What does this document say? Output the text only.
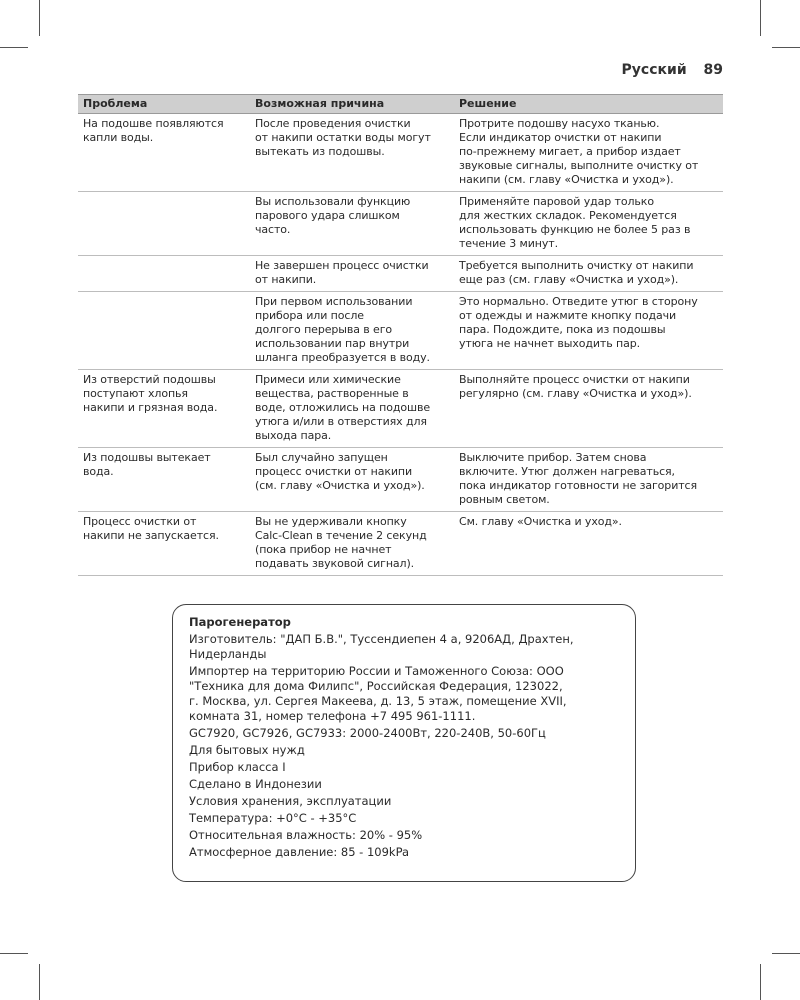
Русский 89
Проблема	Возможная причина	Решение
На подошве появляются капли воды.	После проведения очистки
от накипи остатки воды могут
вытекать из подошвы.	Протрите подошву насухо тканью.
Если индикатор очистки от накипи
по-прежнему мигает, а прибор издает
звуковые сигналы, выполните очистку от
накипи (см. главу «Очистка и уход»).
	Вы использовали функцию
парового удара слишком
часто.	Применяйте паровой удар только
для жестких складок. Рекомендуется
использовать функцию не более 5 раз в
течение 3 минут.
	Не завершен процесс очистки
от накипи.	Требуется выполнить очистку от накипи
еще раз (см. главу «Очистка и уход»).
	При первом использовании
прибора или после
долгого перерыва в его
использовании пар внутри
шланга преобразуется в воду.	Это нормально. Отведите утюг в сторону
от одежды и нажмите кнопку подачи
пара. Подождите, пока из подошвы
утюга не начнет выходить пар.
Из отверстий подошвы
поступают хлопья
накипи и грязная вода.	Примеси или химические
вещества, растворенные в
воде, отложились на подошве
утюга и/или в отверстиях для
выхода пара.	Выполняйте процесс очистки от накипи
регулярно (см. главу «Очистка и уход»).
Из подошвы вытекает
вода.	Был случайно запущен
процесс очистки от накипи
(см. главу «Очистка и уход»).	Выключите прибор. Затем снова
включите. Утюг должен нагреваться,
пока индикатор готовности не загорится
ровным светом.
Процесс очистки от
накипи не запускается.	Вы не удерживали кнопку
Calc-Clean в течение 2 секунд
(пока прибор не начнет
подавать звуковой сигнал).	См. главу «Очистка и уход».
Парогенератор
Изготовитель: "ДАП Б.В.", Туссендиепен 4 а, 9206АД, Драхтен,
Нидерланды
Импортер на территорию России и Таможенного Союза: ООО
"Техника для дома Филипс", Российская Федерация, 123022,
г. Москва, ул. Сергея Макеева, д. 13, 5 этаж, помещение XVII,
комната 31, номер телефона +7 495 961-1111.
GC7920, GC7926, GC7933: 2000-2400Вт, 220-240В, 50-60Гц
Для бытовых нужд
Прибор класса I
Сделано в Индонезии
Условия хранения, эксплуатации
Температура: +0°C - +35°C
Относительная влажность: 20% - 95%
Атмосферное давление: 85 - 109kPa
